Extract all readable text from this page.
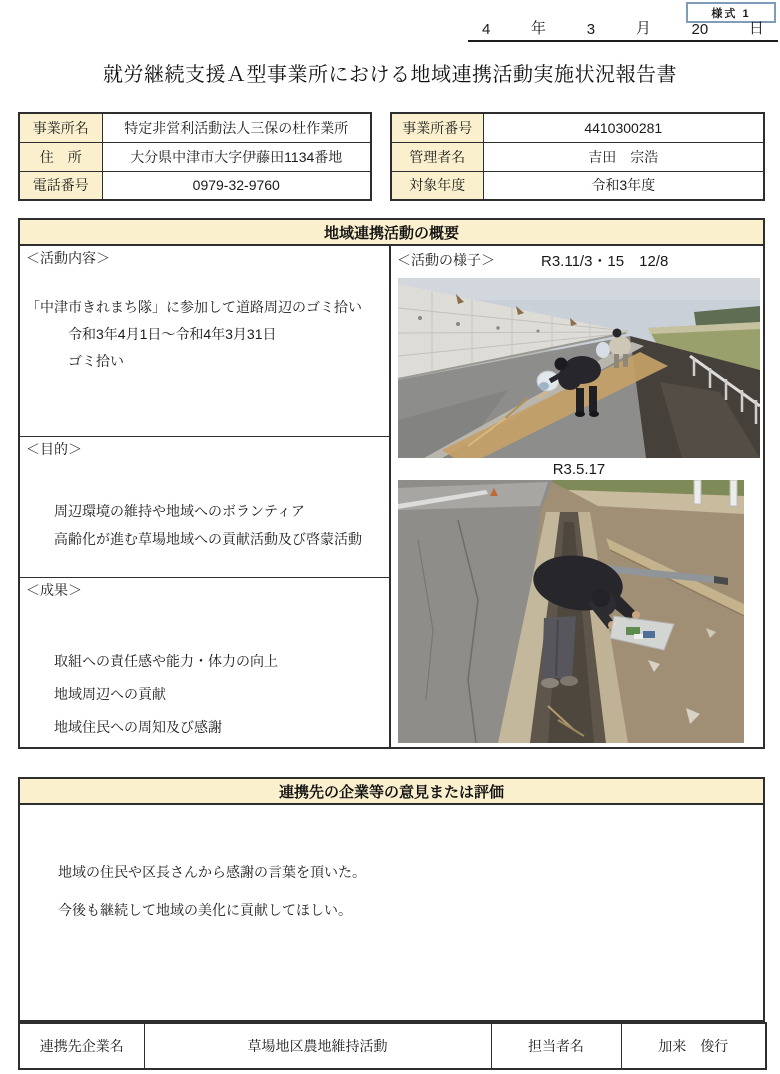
様式 1
4	年	3	月	20	日
就労継続支援Ａ型事業所における地域連携活動実施状況報告書
事業所名	特定非営利活動法人三保の杜作業所
住　所	大分県中津市大字伊藤田1134番地
電話番号	0979-32-9760
事業所番号	4410300281
管理者名	吉田　宗浩
対象年度	令和3年度
地域連携活動の概要
＜活動内容＞
「中津市きれまち隊」に参加して道路周辺のゴミ拾い
令和3年4月1日～令和4年3月31日
ゴミ拾い
＜目的＞
周辺環境の維持や地域へのボランティア
高齢化が進む草場地域への貢献活動及び啓蒙活動
＜成果＞
取組への責任感や能力・体力の向上
地域周辺への貢献
地域住民への周知及び感謝
＜活動の様子＞	R3.11/3・15　12/8
R3.5.17
連携先の企業等の意見または評価
地域の住民や区長さんから感謝の言葉を頂いた。
今後も継続して地域の美化に貢献してほしい。
連携先企業名	草場地区農地維持活動	担当者名	加来　俊行
